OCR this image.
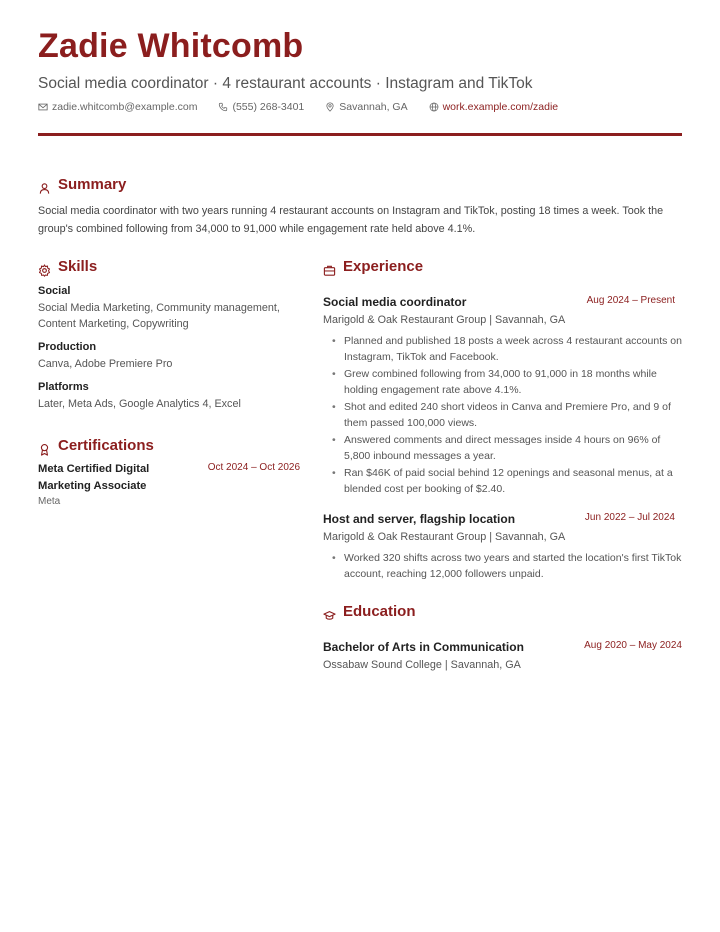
Zadie Whitcomb
Social media coordinator · 4 restaurant accounts · Instagram and TikTok
zadie.whitcomb@example.com	(555) 268-3401	Savannah, GA	work.example.com/zadie
Summary

Social media coordinator with two years running 4 restaurant accounts on Instagram and TikTok, posting 18 times a week. Took the group's combined following from 34,000 to 91,000 while engagement rate held above 4.1%.

Skills
Social
Social Media Marketing, Community management, Content Marketing, Copywriting
Production
Canva, Adobe Premiere Pro
Platforms
Later, Meta Ads, Google Analytics 4, Excel
Certifications
Meta Certified Digital Marketing Associate
Oct 2024 – Oct 2026
Meta
Experience
Social media coordinator	Aug 2024 – Present
Marigold & Oak Restaurant Group | Savannah, GA
• Planned and published 18 posts a week across 4 restaurant accounts on Instagram, TikTok and Facebook.
• Grew combined following from 34,000 to 91,000 in 18 months while holding engagement rate above 4.1%.
• Shot and edited 240 short videos in Canva and Premiere Pro, and 9 of them passed 100,000 views.
• Answered comments and direct messages inside 4 hours on 96% of 5,800 inbound messages a year.
• Ran $46K of paid social behind 12 openings and seasonal menus, at a blended cost per booking of $2.40.
Host and server, flagship location	Jun 2022 – Jul 2024
Marigold & Oak Restaurant Group | Savannah, GA
• Worked 320 shifts across two years and started the location's first TikTok account, reaching 12,000 followers unpaid.
Education
Bachelor of Arts in Communication	Aug 2020 – May 2024
Ossabaw Sound College | Savannah, GA
